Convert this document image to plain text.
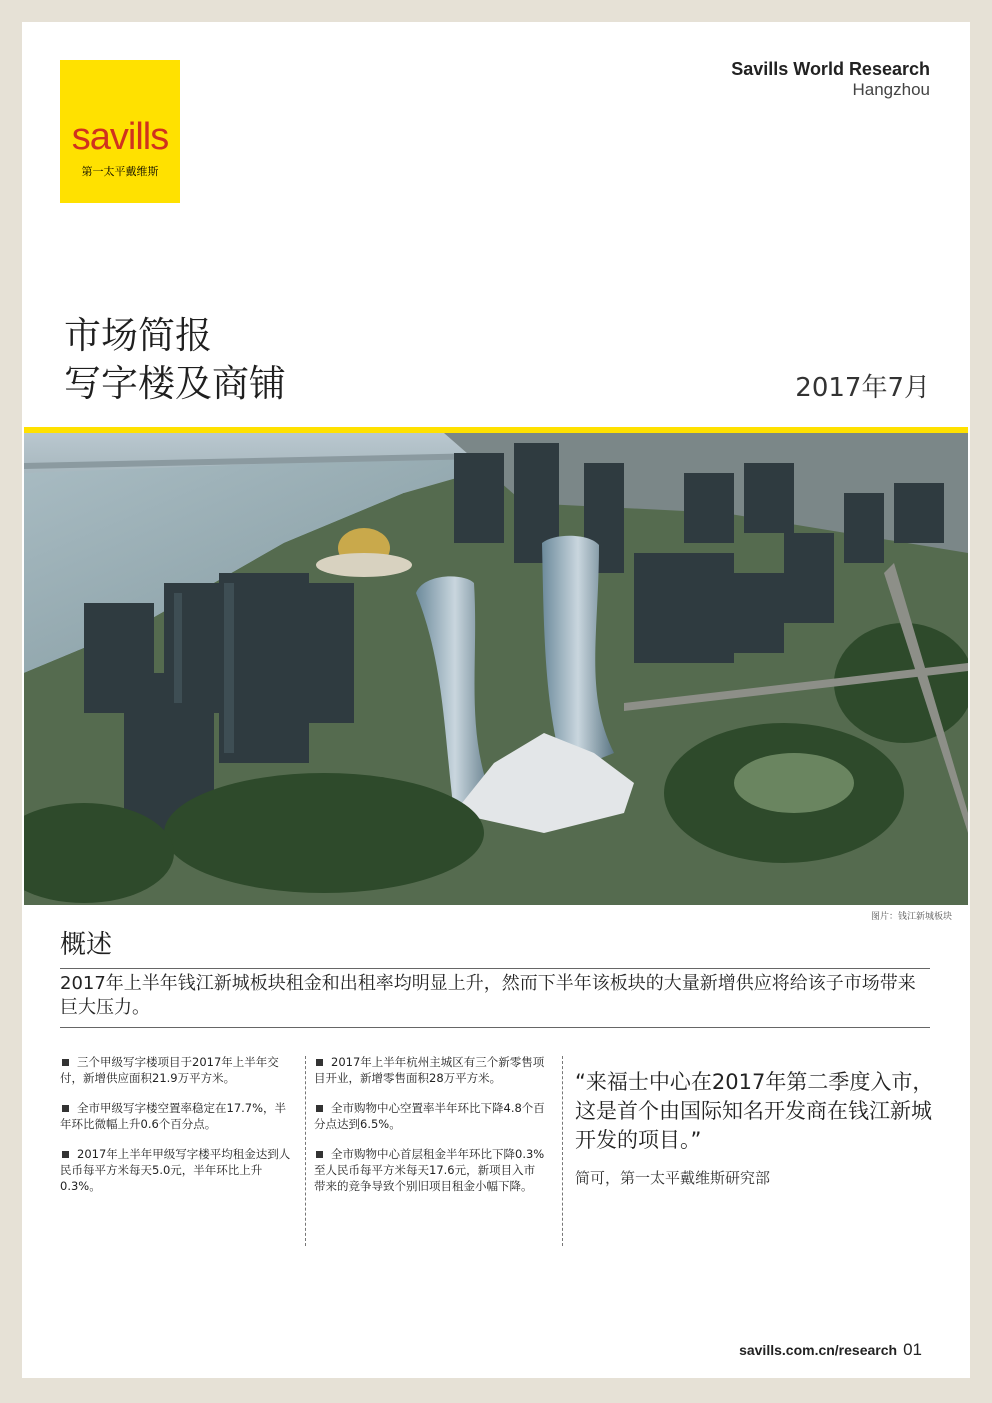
savills
第一太平戴维斯
Savills World Research
Hangzhou
市场简报
写字楼及商铺	2017年7月
图片：钱江新城板块
概述
2017年上半年钱江新城板块租金和出租率均明显上升，然而下半年该板块的大量新增供应将给该子市场带来巨大压力。

三个甲级写字楼项目于2017年上半年交付，新增供应面积21.9万平方米。

全市甲级写字楼空置率稳定在17.7%，半年环比微幅上升0.6个百分点。

2017年上半年甲级写字楼平均租金达到人民币每平方米每天5.0元，半年环比上升0.3%。

2017年上半年杭州主城区有三个新零售项目开业，新增零售面积28万平方米。

全市购物中心空置率半年环比下降4.8个百分点达到6.5%。

全市购物中心首层租金半年环比下降0.3%至人民币每平方米每天17.6元，新项目入市带来的竞争导致个别旧项目租金小幅下降。

“来福士中心在2017年第二季度入市，这是首个由国际知名开发商在钱江新城开发的项目。”
简可，第一太平戴维斯研究部
savills.com.cn/research 01
